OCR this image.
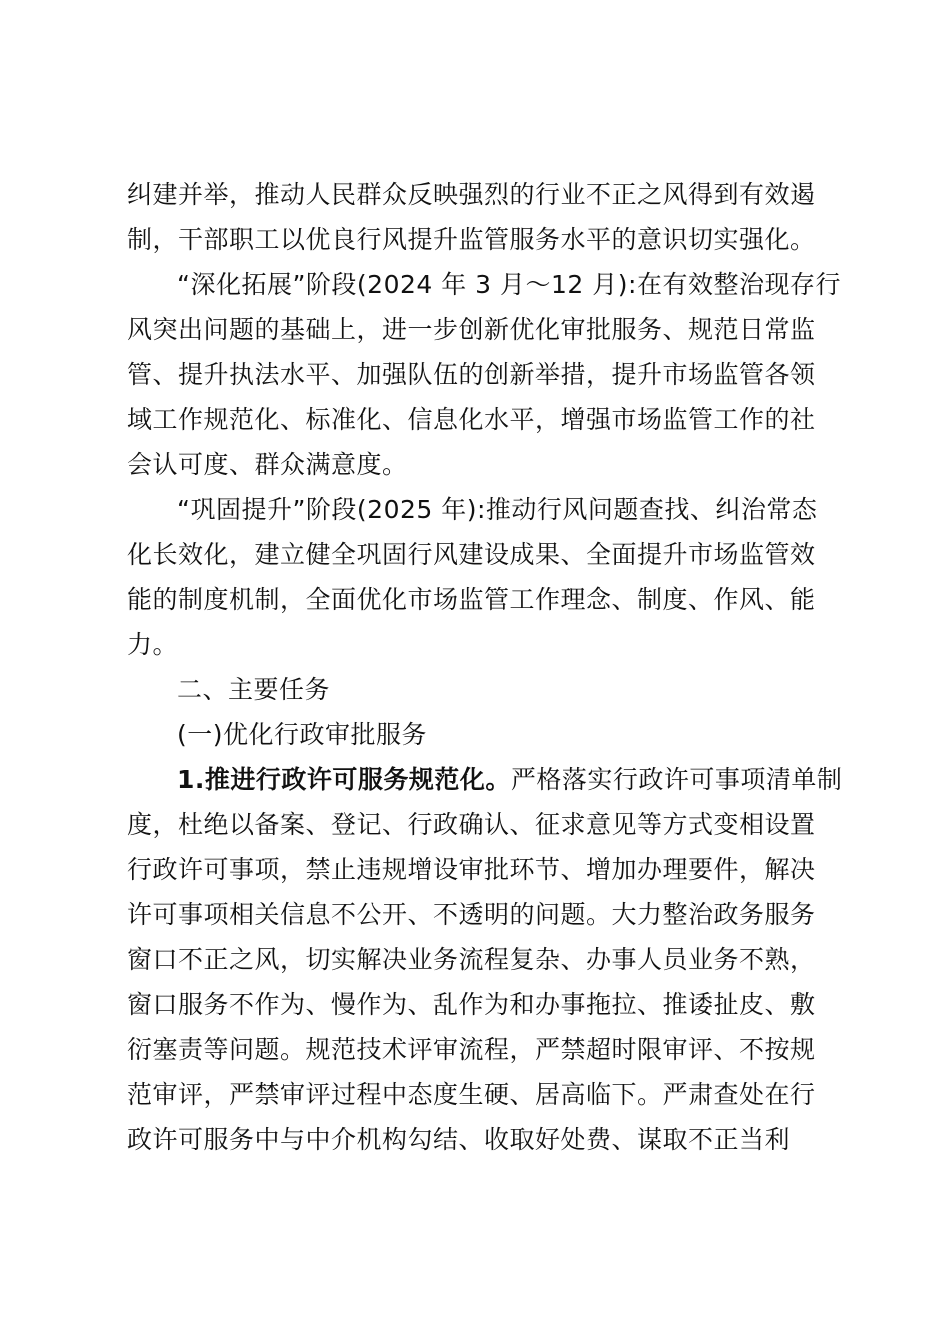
纠建并举，推动人民群众反映强烈的行业不正之风得到有效遏
制，干部职工以优良行风提升监管服务水平的意识切实强化。
“深化拓展”阶段(2024 年 3 月～12 月):在有效整治现存行
风突出问题的基础上，进一步创新优化审批服务、规范日常监
管、提升执法水平、加强队伍的创新举措，提升市场监管各领
域工作规范化、标准化、信息化水平，增强市场监管工作的社
会认可度、群众满意度。
“巩固提升”阶段(2025 年):推动行风问题查找、纠治常态
化长效化，建立健全巩固行风建设成果、全面提升市场监管效
能的制度机制，全面优化市场监管工作理念、制度、作风、能
力。
二、主要任务
(一)优化行政审批服务
1.推进行政许可服务规范化。严格落实行政许可事项清单制
度，杜绝以备案、登记、行政确认、征求意见等方式变相设置
行政许可事项，禁止违规增设审批环节、增加办理要件，解决
许可事项相关信息不公开、不透明的问题。大力整治政务服务
窗口不正之风，切实解决业务流程复杂、办事人员业务不熟，
窗口服务不作为、慢作为、乱作为和办事拖拉、推诿扯皮、敷
衍塞责等问题。规范技术评审流程，严禁超时限审评、不按规
范审评，严禁审评过程中态度生硬、居高临下。严肃查处在行
政许可服务中与中介机构勾结、收取好处费、谋取不正当利
